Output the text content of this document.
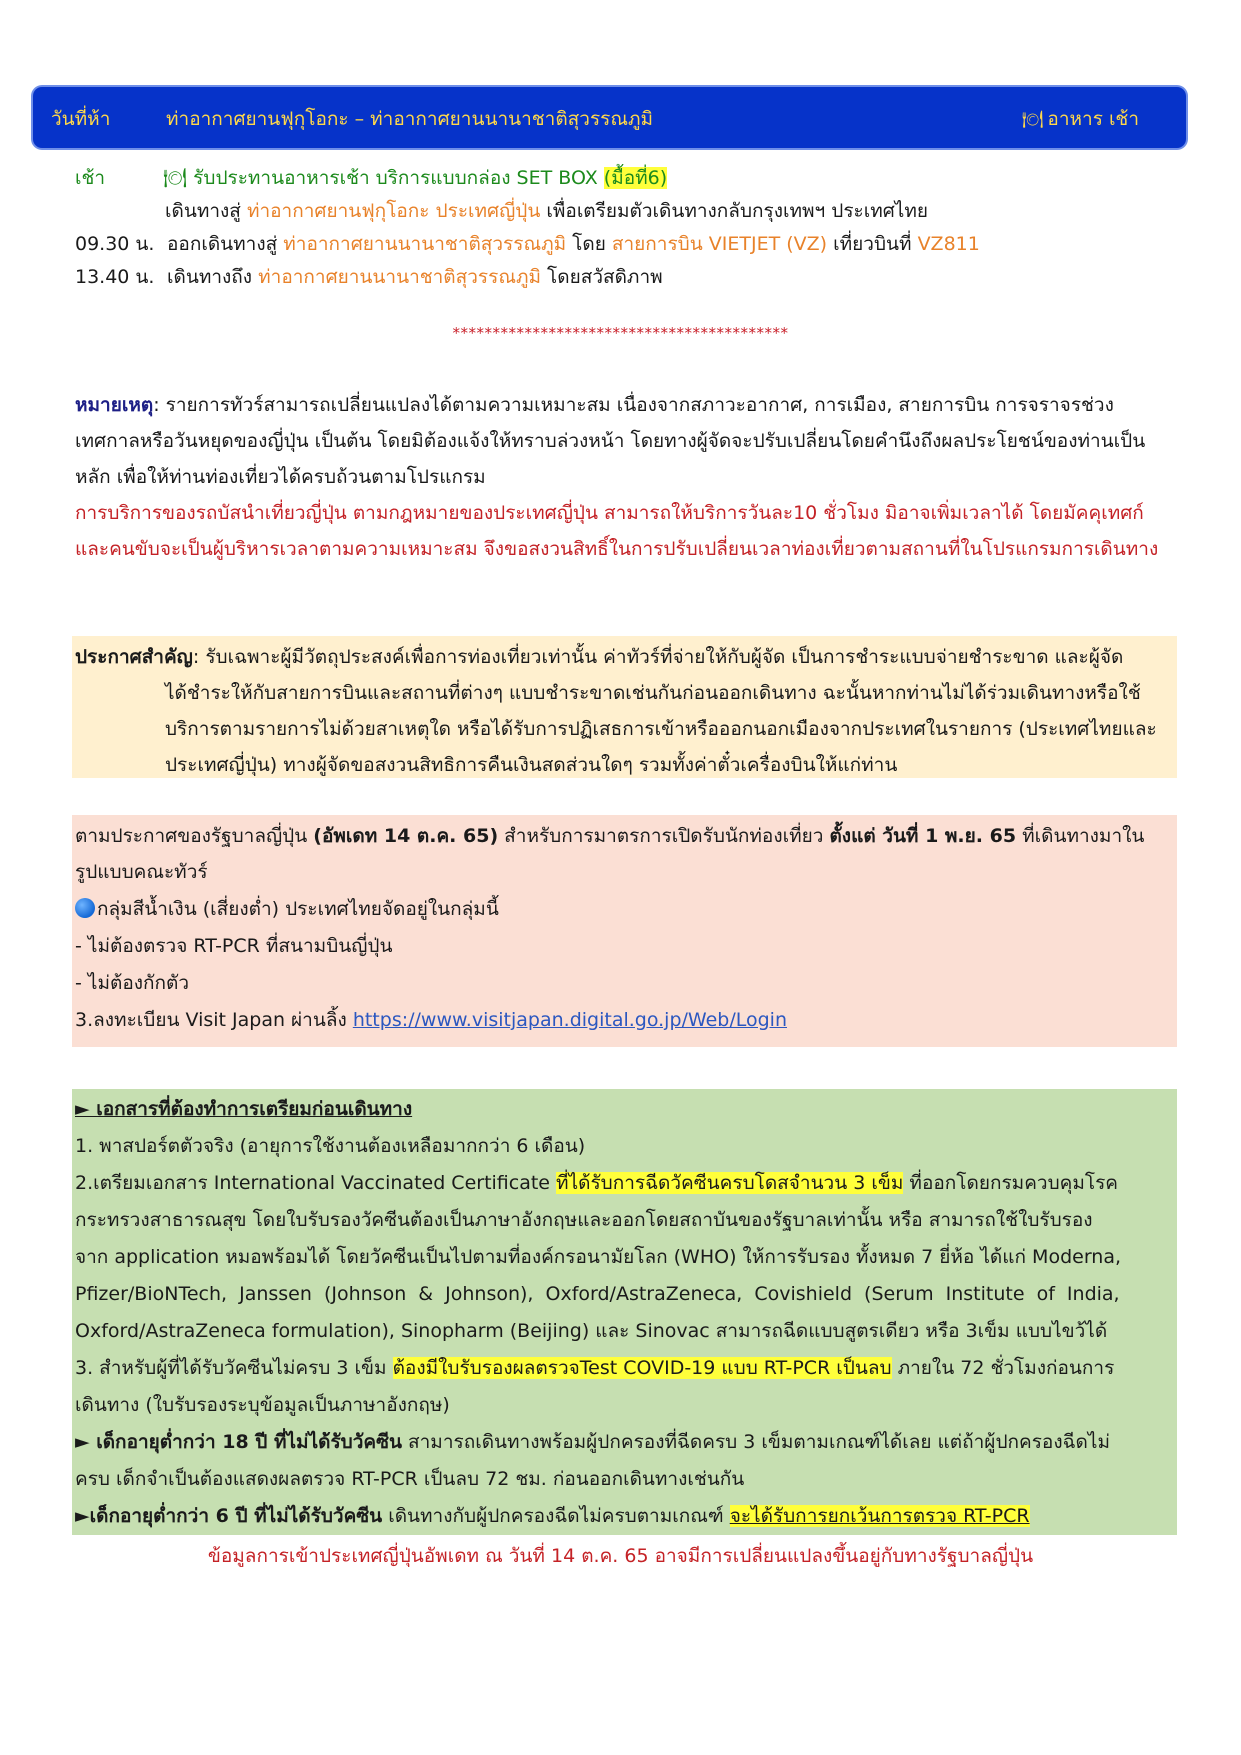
วันที่ห้า	ท่าอากาศยานฟุกุโอกะ – ท่าอากาศยานนานาชาติสุวรรณภูมิ	🍽 อาหาร เช้า
เช้า	🍽 รับประทานอาหารเช้า บริการแบบกล่อง SET BOX (มื้อที่6)
เดินทางสู่ ท่าอากาศยานฟุกุโอกะ ประเทศญี่ปุ่น เพื่อเตรียมตัวเดินทางกลับกรุงเทพฯ ประเทศไทย
09.30 น. ออกเดินทางสู่ ท่าอากาศยานนานาชาติสุวรรณภูมิ โดย สายการบิน VIETJET (VZ) เที่ยวบินที่ VZ811
13.40 น. เดินทางถึง ท่าอากาศยานนานาชาติสุวรรณภูมิ โดยสวัสดิภาพ
******************************************
หมายเหตุ: รายการทัวร์สามารถเปลี่ยนแปลงได้ตามความเหมาะสม เนื่องจากสภาวะอากาศ, การเมือง, สายการบิน การจราจรช่วงเทศกาลหรือวันหยุดของญี่ปุ่น เป็นต้น โดยมิต้องแจ้งให้ทราบล่วงหน้า โดยทางผู้จัดจะปรับเปลี่ยนโดยคำนึงถึงผลประโยชน์ของท่านเป็นหลัก เพื่อให้ท่านท่องเที่ยวได้ครบถ้วนตามโปรแกรม
การบริการของรถบัสนำเที่ยวญี่ปุ่น ตามกฎหมายของประเทศญี่ปุ่น สามารถให้บริการวันละ10 ชั่วโมง มิอาจเพิ่มเวลาได้ โดยมัคคุเทศก์และคนขับจะเป็นผู้บริหารเวลาตามความเหมาะสม จึงขอสงวนสิทธิ์ในการปรับเปลี่ยนเวลาท่องเที่ยวตามสถานที่ในโปรแกรมการเดินทาง
ประกาศสำคัญ: รับเฉพาะผู้มีวัตถุประสงค์เพื่อการท่องเที่ยวเท่านั้น ค่าทัวร์ที่จ่ายให้กับผู้จัด เป็นการชำระแบบจ่ายชำระขาด และผู้จัด
ได้ชำระให้กับสายการบินและสถานที่ต่างๆ แบบชำระขาดเช่นกันก่อนออกเดินทาง ฉะนั้นหากท่านไม่ได้ร่วมเดินทางหรือใช้บริการตามรายการไม่ด้วยสาเหตุใด หรือได้รับการปฏิเสธการเข้าหรือออกนอกเมืองจากประเทศในรายการ (ประเทศไทยและประเทศญี่ปุ่น) ทางผู้จัดขอสงวนสิทธิการคืนเงินสดส่วนใดๆ รวมทั้งค่าตั๋วเครื่องบินให้แก่ท่าน
ตามประกาศของรัฐบาลญี่ปุ่น (อัพเดท 14 ต.ค. 65) สำหรับการมาตรการเปิดรับนักท่องเที่ยว ตั้งแต่ วันที่ 1 พ.ย. 65 ที่เดินทางมาใน
รูปแบบคณะทัวร์
กลุ่มสีน้ำเงิน (เสี่ยงต่ำ) ประเทศไทยจัดอยู่ในกลุ่มนี้
- ไม่ต้องตรวจ RT-PCR ที่สนามบินญี่ปุ่น
- ไม่ต้องกักตัว
3.ลงทะเบียน Visit Japan ผ่านลิ้ง https://www.visitjapan.digital.go.jp/Web/Login
► เอกสารที่ต้องทำการเตรียมก่อนเดินทาง
1. พาสปอร์ตตัวจริง (อายุการใช้งานต้องเหลือมากกว่า 6 เดือน)
2.เตรียมเอกสาร International Vaccinated Certificate ที่ได้รับการฉีดวัคซีนครบโดสจำนวน 3 เข็ม ที่ออกโดยกรมควบคุมโรค
กระทรวงสาธารณสุข โดยใบรับรองวัคซีนต้องเป็นภาษาอังกฤษและออกโดยสถาบันของรัฐบาลเท่านั้น หรือ สามารถใช้ใบรับรอง
จาก application หมอพร้อมได้ โดยวัคซีนเป็นไปตามที่องค์กรอนามัยโลก (WHO) ให้การรับรอง ทั้งหมด 7 ยี่ห้อ ได้แก่ Moderna,
Pfizer/BioNTech, Janssen (Johnson & Johnson), Oxford/AstraZeneca, Covishield (Serum Institute of India,
Oxford/AstraZeneca formulation), Sinopharm (Beijing) และ Sinovac สามารถฉีดแบบสูตรเดียว หรือ 3เข็ม แบบไขว้ได้
3. สำหรับผู้ที่ได้รับวัคซีนไม่ครบ 3 เข็ม ต้องมีใบรับรองผลตรวจTest COVID-19 แบบ RT-PCR เป็นลบ ภายใน 72 ชั่วโมงก่อนการ
เดินทาง (ใบรับรองระบุข้อมูลเป็นภาษาอังกฤษ)
► เด็กอายุต่ำกว่า 18 ปี ที่ไม่ได้รับวัคซีน สามารถเดินทางพร้อมผู้ปกครองที่ฉีดครบ 3 เข็มตามเกณฑ์ได้เลย แต่ถ้าผู้ปกครองฉีดไม่
ครบ เด็กจำเป็นต้องแสดงผลตรวจ RT-PCR เป็นลบ 72 ชม. ก่อนออกเดินทางเช่นกัน
►เด็กอายุต่ำกว่า 6 ปี ที่ไม่ได้รับวัคซีน เดินทางกับผู้ปกครองฉีดไม่ครบตามเกณฑ์ จะได้รับการยกเว้นการตรวจ RT-PCR
ข้อมูลการเข้าประเทศญี่ปุ่นอัพเดท ณ วันที่ 14 ต.ค. 65 อาจมีการเปลี่ยนแปลงขึ้นอยู่กับทางรัฐบาลญี่ปุ่น
